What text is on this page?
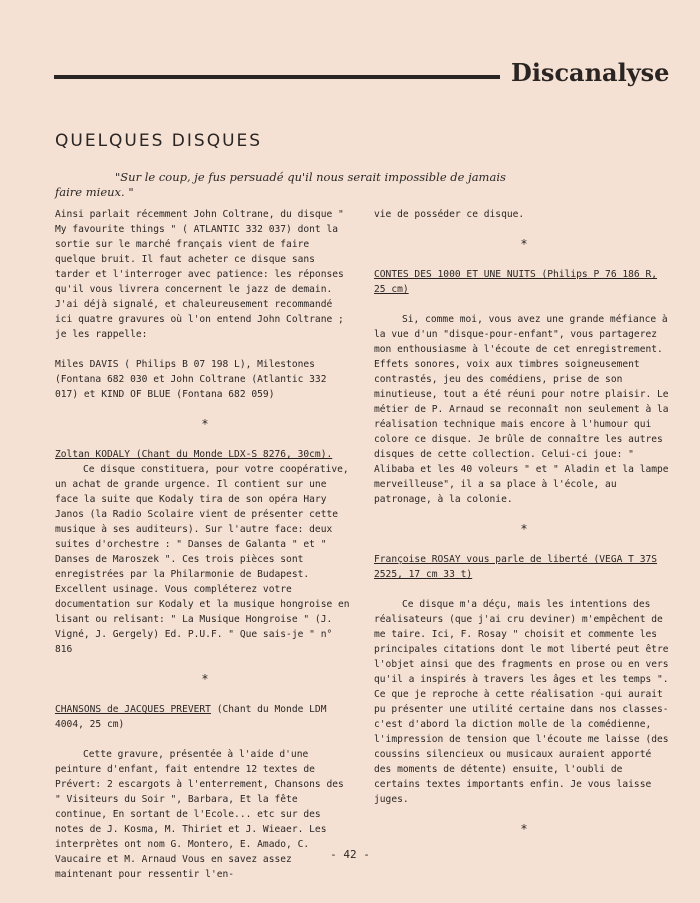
Discanalyse
QUELQUES DISQUES
"Sur le coup, je fus persuadé qu'il nous serait impossible de jamais
faire mieux. "

Ainsi parlait récemment John Coltrane, du disque " My favourite things " ( ATLANTIC 332 037) dont la sortie sur le marché français vient de faire quelque bruit. Il faut acheter ce disque sans tarder et l'interroger avec patience: les réponses qu'il vous livrera concernent le jazz de demain. J'ai déjà signalé, et chaleureusement recommandé ici quatre gravures où l'on entend John Coltrane ; je les rappelle:

Miles DAVIS ( Philips B 07 198 L), Milestones (Fontana 682 030 et John Coltrane (Atlantic 332 017) et KIND OF BLUE (Fontana 682 059)

*

Zoltan KODALY (Chant du Monde LDX-S 8276, 30cm).

Ce disque constituera, pour votre coopérative, un achat de grande urgence. Il contient sur une face la suite que Kodaly tira de son opéra Hary Janos (la Radio Scolaire vient de présenter cette musique à ses auditeurs). Sur l'autre face: deux suites d'orchestre : " Danses de Galanta " et " Danses de Maroszek ". Ces trois pièces sont enregistrées par la Philarmonie de Budapest. Excellent usinage. Vous compléterez votre documentation sur Kodaly et la musique hongroise en lisant ou relisant: " La Musique Hongroise " (J. Vigné, J. Gergely) Ed. P.U.F. " Que sais-je " n° 816

*

CHANSONS de JACQUES PREVERT (Chant du Monde LDM 4004, 25 cm)

Cette gravure, présentée à l'aide d'une peinture d'enfant, fait entendre 12 textes de Prévert: 2 escargots à l'enterrement, Chansons des " Visiteurs du Soir ", Barbara, Et la fête continue, En sortant de l'Ecole... etc sur des notes de J. Kosma, M. Thiriet et J. Wieaer. Les interprètes ont nom G. Montero, E. Amado, C. Vaucaire et M. Arnaud Vous en savez assez maintenant pour ressentir l'en-

vie de posséder ce disque.

*

CONTES DES 1000 ET UNE NUITS (Philips P 76 186 R, 25 cm)

Si, comme moi, vous avez une grande méfiance à la vue d'un "disque-pour-enfant", vous partagerez mon enthousiasme à l'écoute de cet enregistrement. Effets sonores, voix aux timbres soigneusement contrastés, jeu des comédiens, prise de son minutieuse, tout a été réuni pour notre plaisir. Le métier de P. Arnaud se reconnaît non seulement à la réalisation technique mais encore à l'humour qui colore ce disque. Je brûle de connaître les autres disques de cette collection. Celui-ci joue: " Alibaba et les 40 voleurs " et " Aladin et la lampe merveilleuse", il a sa place à l'école, au patronage, à la colonie.

*

Françoise ROSAY vous parle de liberté (VEGA T 37S 2525, 17 cm 33 t)

Ce disque m'a déçu, mais les intentions des réalisateurs (que j'ai cru deviner) m'empêchent de me taire. Ici, F. Rosay " choisit et commente les principales citations dont le mot liberté peut être l'objet ainsi que des fragments en prose ou en vers qu'il a inspirés à travers les âges et les temps ". Ce que je reproche à cette réalisation -qui aurait pu présenter une utilité certaine dans nos classes- c'est d'abord la diction molle de la comédienne, l'impression de tension que l'écoute me laisse (des coussins silencieux ou musicaux auraient apporté des moments de détente) ensuite, l'oubli de certains textes importants enfin. Je vous laisse juges.

*
- 42 -
